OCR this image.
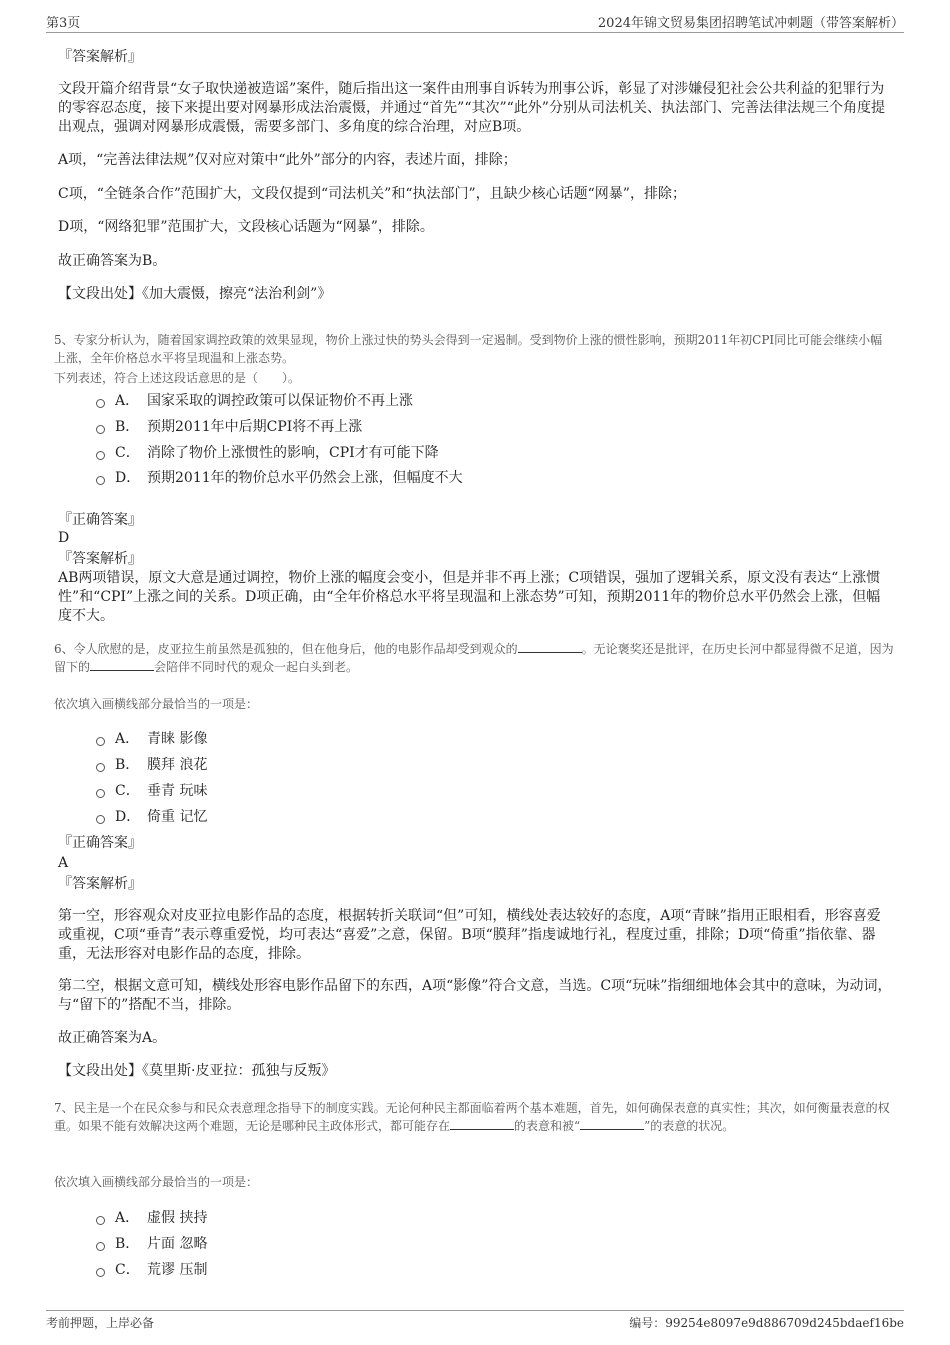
第3页	2024年锦文贸易集团招聘笔试冲刺题（带答案解析）
『答案解析』
文段开篇介绍背景“女子取快递被造谣”案件，随后指出这一案件由刑事自诉转为刑事公诉，彰显了对涉嫌侵犯社会公共利益的犯罪行为的零容忍态度，接下来提出要对网暴形成法治震慑，并通过“首先”“其次”“此外”分别从司法机关、执法部门、完善法律法规三个角度提出观点，强调对网暴形成震慑，需要多部门、多角度的综合治理，对应B项。
A项，“完善法律法规”仅对应对策中“此外”部分的内容，表述片面，排除；
C项，“全链条合作”范围扩大，文段仅提到“司法机关”和“执法部门”，且缺少核心话题“网暴”，排除；
D项，“网络犯罪”范围扩大，文段核心话题为“网暴”，排除。
故正确答案为B。
【文段出处】《加大震慑，擦亮“法治利剑”》
5、专家分析认为，随着国家调控政策的效果显现，物价上涨过快的势头会得到一定遏制。受到物价上涨的惯性影响，预期2011年初CPI同比可能会继续小幅上涨，全年价格总水平将呈现温和上涨态势。
下列表述，符合上述这段话意思的是（　　）。
A． 国家采取的调控政策可以保证物价不再上涨
B． 预期2011年中后期CPI将不再上涨
C． 消除了物价上涨惯性的影响，CPI才有可能下降
D． 预期2011年的物价总水平仍然会上涨，但幅度不大
『正确答案』
D
『答案解析』
AB两项错误，原文大意是通过调控，物价上涨的幅度会变小，但是并非不再上涨；C项错误，强加了逻辑关系，原文没有表达“上涨惯性”和“CPI”上涨之间的关系。D项正确，由“全年价格总水平将呈现温和上涨态势”可知，预期2011年的物价总水平仍然会上涨，但幅度不大。
6、令人欣慰的是，皮亚拉生前虽然是孤独的，但在他身后，他的电影作品却受到观众的	。无论褒奖还是批评，在历史长河中都显得微不足道，因为留下的	会陪伴不同时代的观众一起白头到老。
依次填入画横线部分最恰当的一项是：
A． 青睐 影像
B． 膜拜 浪花
C． 垂青 玩味
D． 倚重 记忆
『正确答案』
A
『答案解析』
第一空，形容观众对皮亚拉电影作品的态度，根据转折关联词“但”可知，横线处表达较好的态度，A项“青睐”指用正眼相看，形容喜爱或重视，C项“垂青”表示尊重爱悦，均可表达“喜爱”之意，保留。B项“膜拜”指虔诚地行礼，程度过重，排除；D项“倚重”指依靠、器重，无法形容对电影作品的态度，排除。
第二空，根据文意可知，横线处形容电影作品留下的东西，A项“影像”符合文意，当选。C项“玩味”指细细地体会其中的意味，为动词，与“留下的”搭配不当，排除。
故正确答案为A。
【文段出处】《莫里斯·皮亚拉：孤独与反叛》
7、民主是一个在民众参与和民众表意理念指导下的制度实践。无论何种民主都面临着两个基本难题，首先，如何确保表意的真实性；其次，如何衡量表意的权重。如果不能有效解决这两个难题，无论是哪种民主政体形式，都可能存在	的表意和被“	”的表意的状况。
依次填入画横线部分最恰当的一项是：
A． 虚假 挟持
B． 片面 忽略
C． 荒谬 压制
考前押题，上岸必备	编号：99254e8097e9d886709d245bdaef16be
